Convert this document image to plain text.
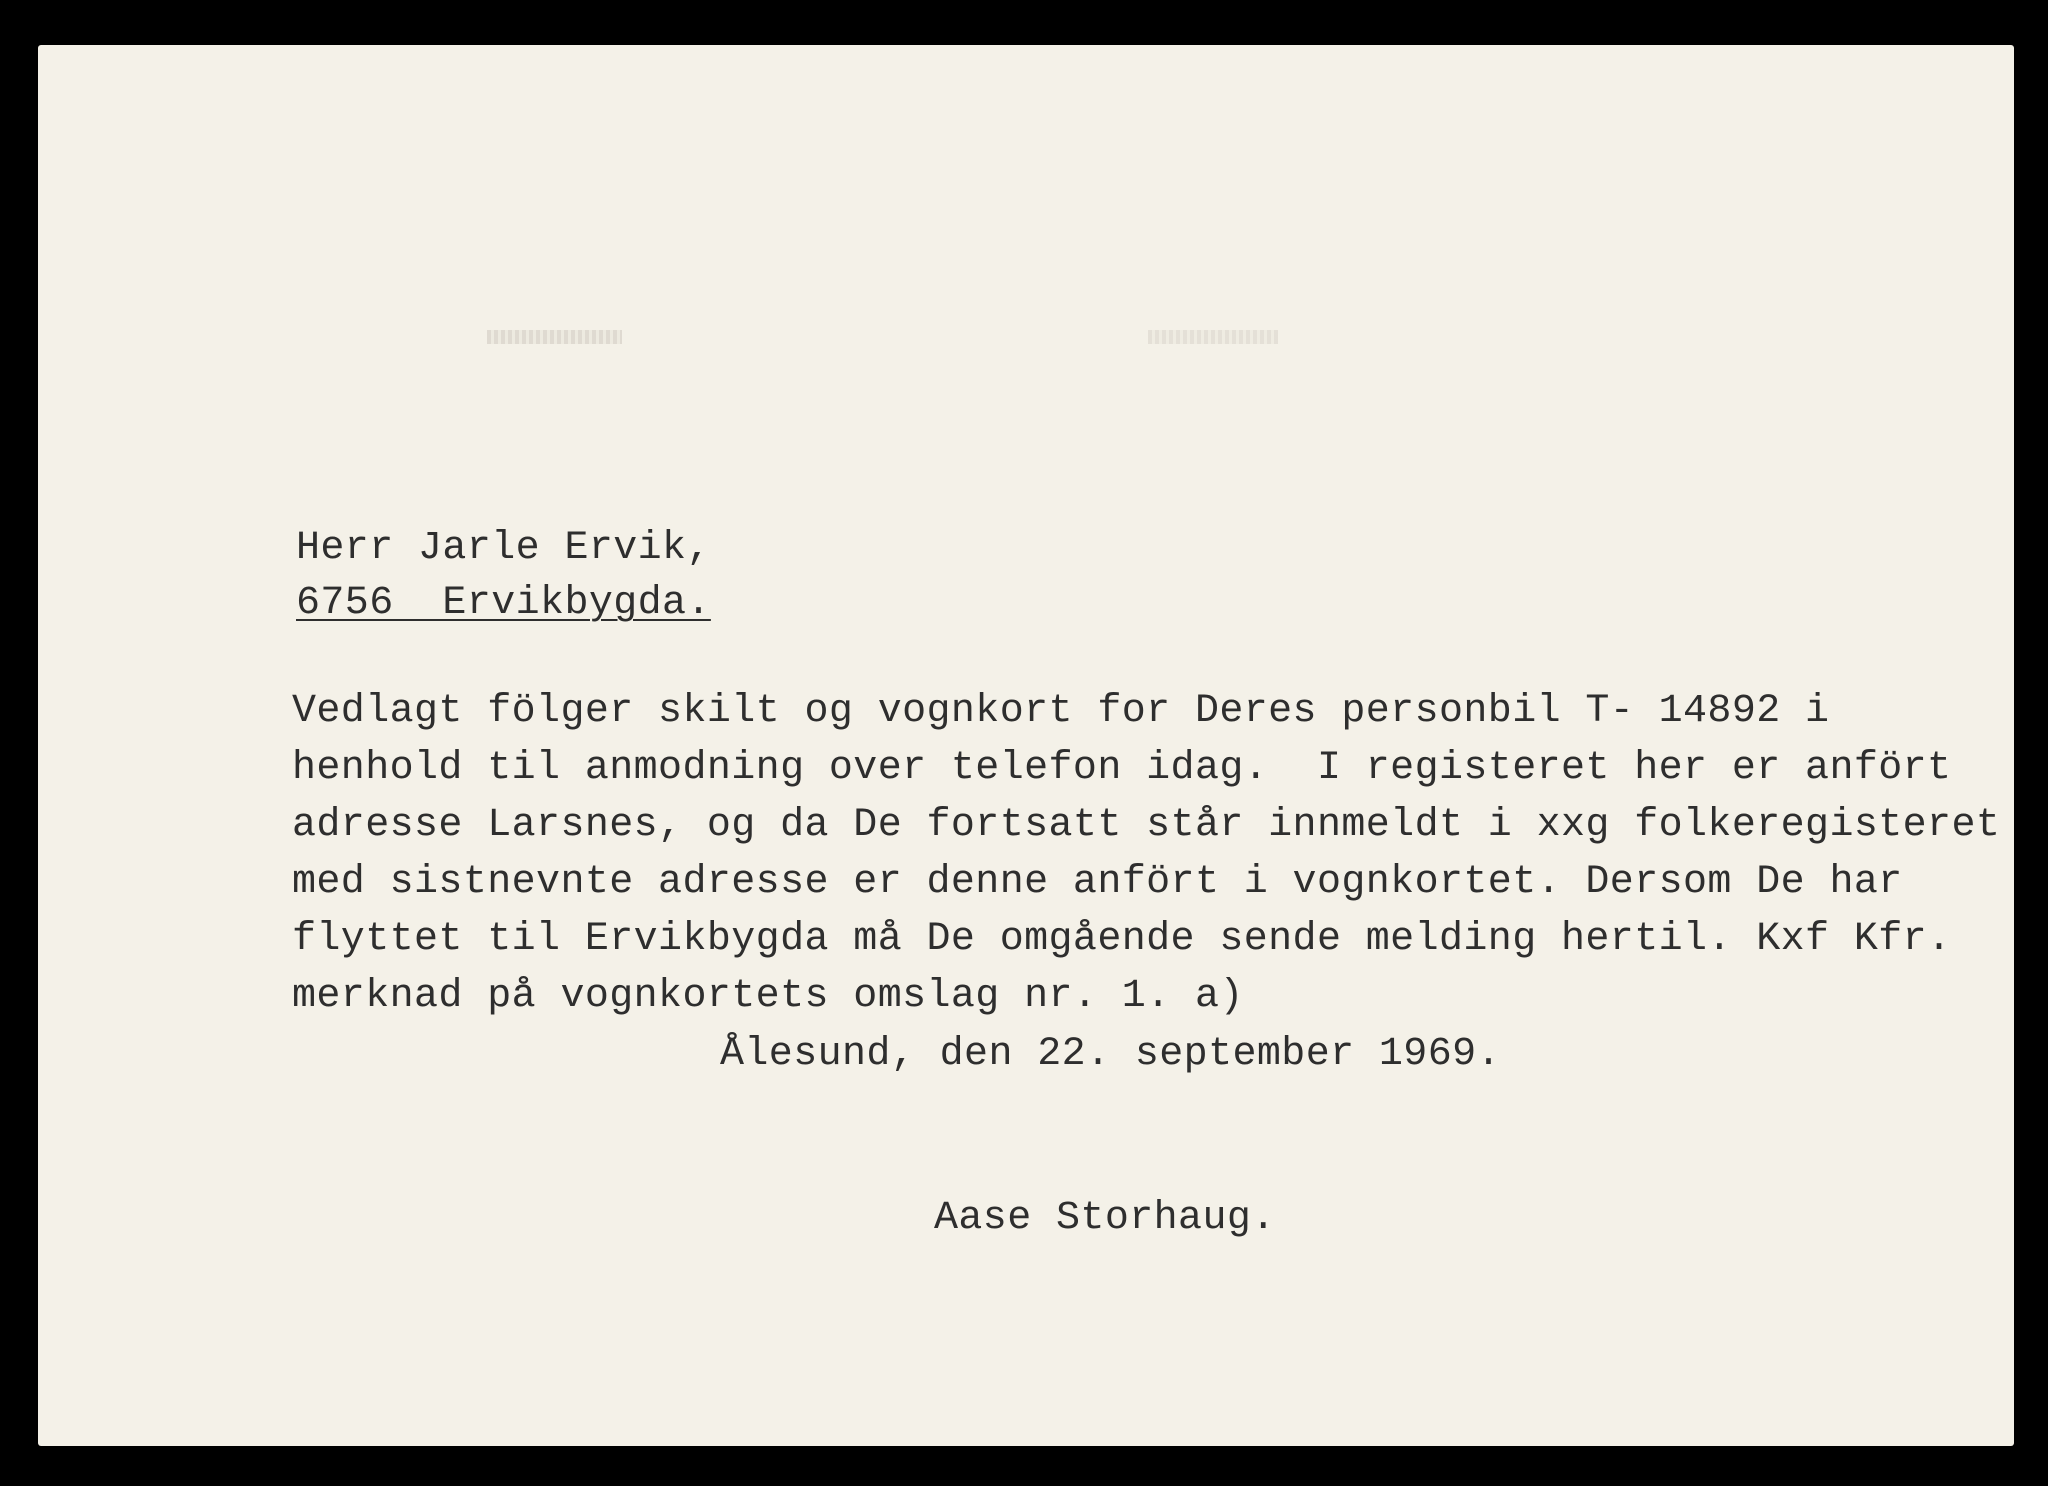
Herr Jarle Ervik,

6756  Ervikbygda.

Vedlagt fölger skilt og vognkort for Deres personbil T- 14892 i

henhold til anmodning over telefon idag.  I registeret her er anfört

adresse Larsnes, og da De fortsatt står innmeldt i xxg folkeregisteret

med sistnevnte adresse er denne anfört i vognkortet. Dersom De har

flyttet til Ervikbygda må De omgående sende melding hertil. Kxf Kfr.

merknad på vognkortets omslag nr. 1. a)

Ålesund, den 22. september 1969.

Aase Storhaug.
